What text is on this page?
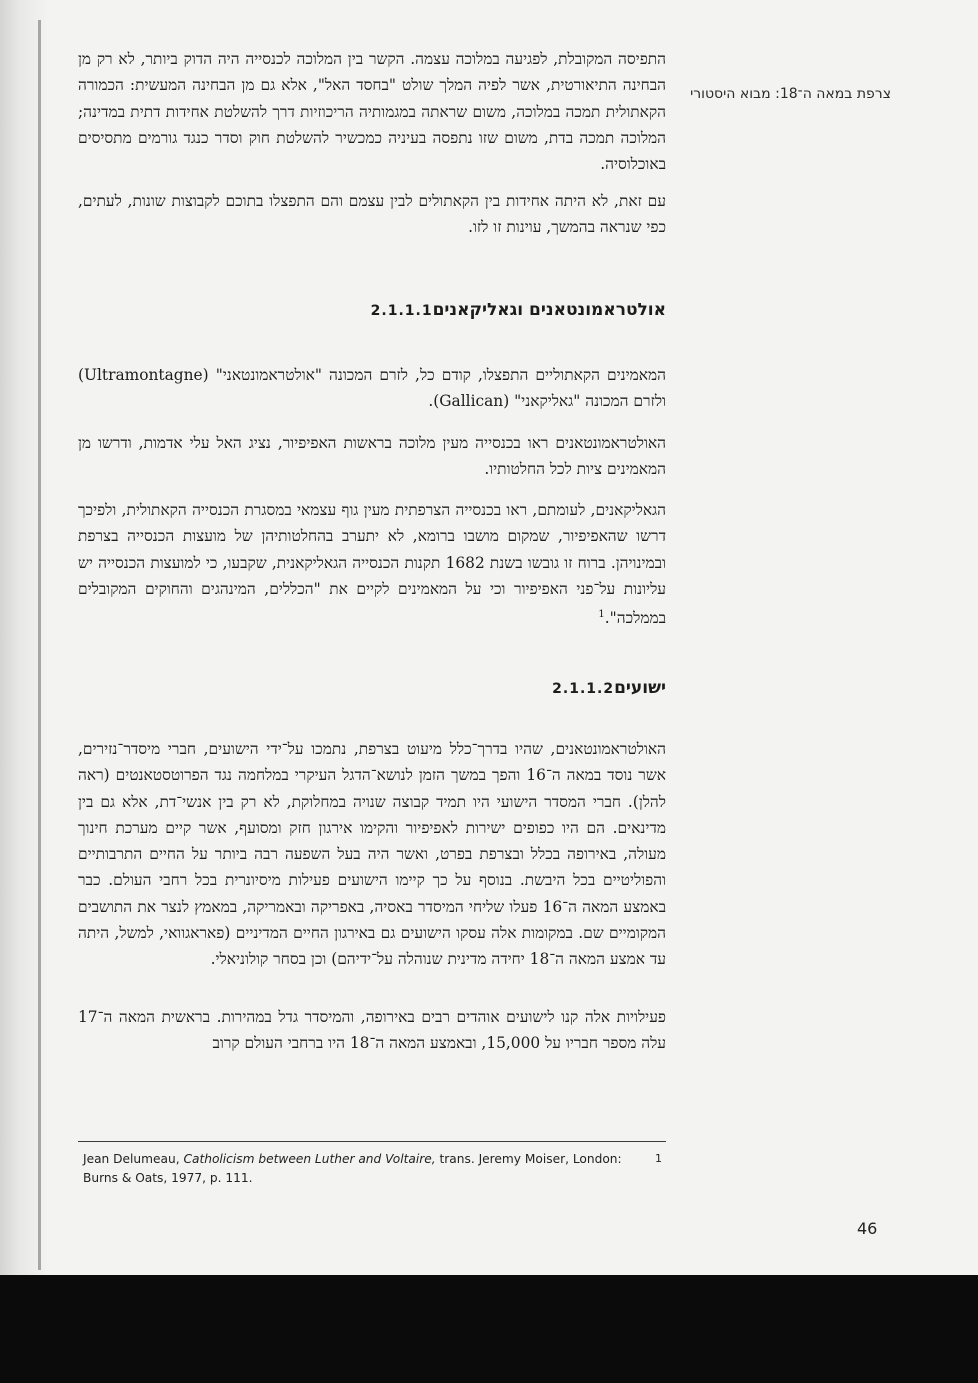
צרפת במאה ה־18: מבוא היסטורי

התפיסה המקובלת, לפגיעה במלוכה עצמה. הקשר בין המלוכה לכנסייה היה הדוק ביותר, לא רק מן הבחינה התיאורטית, אשר לפיה המלך שולט "בחסד האל", אלא גם מן הבחינה המעשית: הכמורה הקאתולית תמכה במלוכה, משום שראתה במגמותיה הריכוזיות דרך להשלטת אחידות דתית במדינה; המלוכה תמכה בדת, משום שזו נתפסה בעיניה כמכשיר להשלטת חוק וסדר כנגד גורמים מתסיסים באוכלוסיה.

עם זאת, לא היתה אחידות בין הקאתולים לבין עצמם והם התפצלו בתוכם לקבוצות שונות, לעתים, כפי שנראה בהמשך, עוינות זו לזו.

אולטראמונטאנים וגאליקאנים2.1.1.1

המאמינים הקאתוליים התפצלו, קודם כל, לזרם המכונה "אולטראמונטאני" (Ultramontagne) ולזרם המכונה "גאליקאני" (Gallican).

האולטראמונטאנים ראו בכנסייה מעין מלוכה בראשות האפיפיור, נציג האל עלי אדמות, ודרשו מן המאמינים ציות לכל החלטותיו.

הגאליקאנים, לעומתם, ראו בכנסייה הצרפתית מעין גוף עצמאי במסגרת הכנסייה הקאתולית, ולפיכך דרשו שהאפיפיור, שמקום מושבו ברומא, לא יתערב בהחלטותיהן של מועצות הכנסייה בצרפת ובמינויהן. ברוח זו גובשו בשנת 1682 תקנות הכנסייה הגאליקאנית, שקבעו, כי למועצות הכנסייה יש עליונות על־פני האפיפיור וכי על המאמינים לקיים את "הכללים, המינהגים והחוקים המקובלים בממלכה".$^1$

ישועים2.1.1.2

האולטראמונטאנים, שהיו בדרך־כלל מיעוט בצרפת, נתמכו על־ידי הישועים, חברי מיסדר־נזירים, אשר נוסד במאה ה־16 והפך במשך הזמן לנושא־הדגל העיקרי במלחמה נגד הפרוטסטאנטים (ראה להלן). חברי המסדר הישועי היו תמיד קבוצה שנויה במחלוקת, לא רק בין אנשי־דת, אלא גם בין מדינאים. הם היו כפופים ישירות לאפיפיור והקימו אירגון חזק ומסועף, אשר קיים מערכת חינוך מעולה, באירופה בכלל ובצרפת בפרט, ואשר היה בעל השפעה רבה ביותר על החיים התרבותיים והפוליטיים בכל היבשת. בנוסף על כך קיימו הישועים פעילות מיסיונרית בכל רחבי העולם. כבר באמצע המאה ה־16 פעלו שליחי המיסדר באסיה, באפריקה ובאמריקה, במאמץ לנצר את התושבים המקומיים שם. במקומות אלה עסקו הישועים גם באירגון החיים המדיניים (פאראגוואי, למשל, היתה עד אמצע המאה ה־18 יחידה מדינית שנוהלה על־ידיהם) וכן בסחר קולוניאלי.

פעילויות אלה קנו לישועים אוהדים רבים באירופה, והמיסדר גדל במהירות. בראשית המאה ה־17 עלה מספר חבריו על 15,000, ובאמצע המאה ה־18 היו ברחבי העולם קרוב

Jean Delumeau, Catholicism between Luther and Voltaire, trans. Jeremy Moiser, London: Burns & Oats, 1977, p. 111.
1
46
